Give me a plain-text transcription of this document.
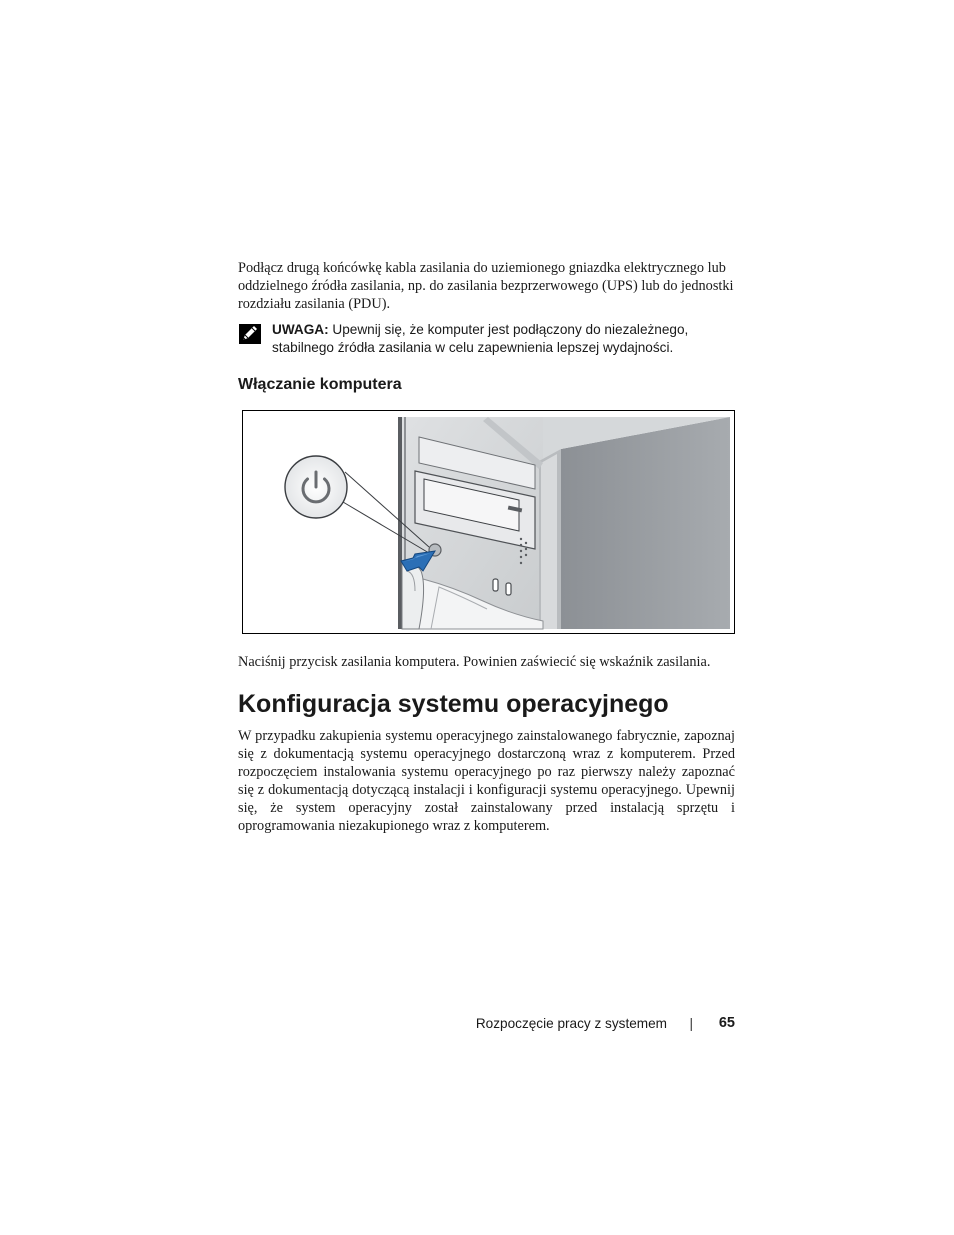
Podłącz drugą końcówkę kabla zasilania do uziemionego gniazdka elektrycznego lub oddzielnego źródła zasilania, np. do zasilania bezprzerwowego (UPS) lub do jednostki rozdziału zasilania (PDU).

UWAGA: Upewnij się, że komputer jest podłączony do niezależnego, stabilnego źródła zasilania w celu zapewnienia lepszej wydajności.

Włączanie komputera

Naciśnij przycisk zasilania komputera. Powinien zaświecić się wskaźnik zasilania.

Konfiguracja systemu operacyjnego

W przypadku zakupienia systemu operacyjnego zainstalowanego fabrycznie, zapoznaj się z dokumentacją systemu operacyjnego dostarczoną wraz z komputerem. Przed rozpoczęciem instalowania systemu operacyjnego po raz pierwszy należy zapoznać się z dokumentacją dotyczącą instalacji i konfiguracji systemu operacyjnego. Upewnij się, że system operacyjny został zainstalowany przed instalacją sprzętu i oprogramowania niezakupionego wraz z komputerem.

Rozpoczęcie pracy z systemem | 65
